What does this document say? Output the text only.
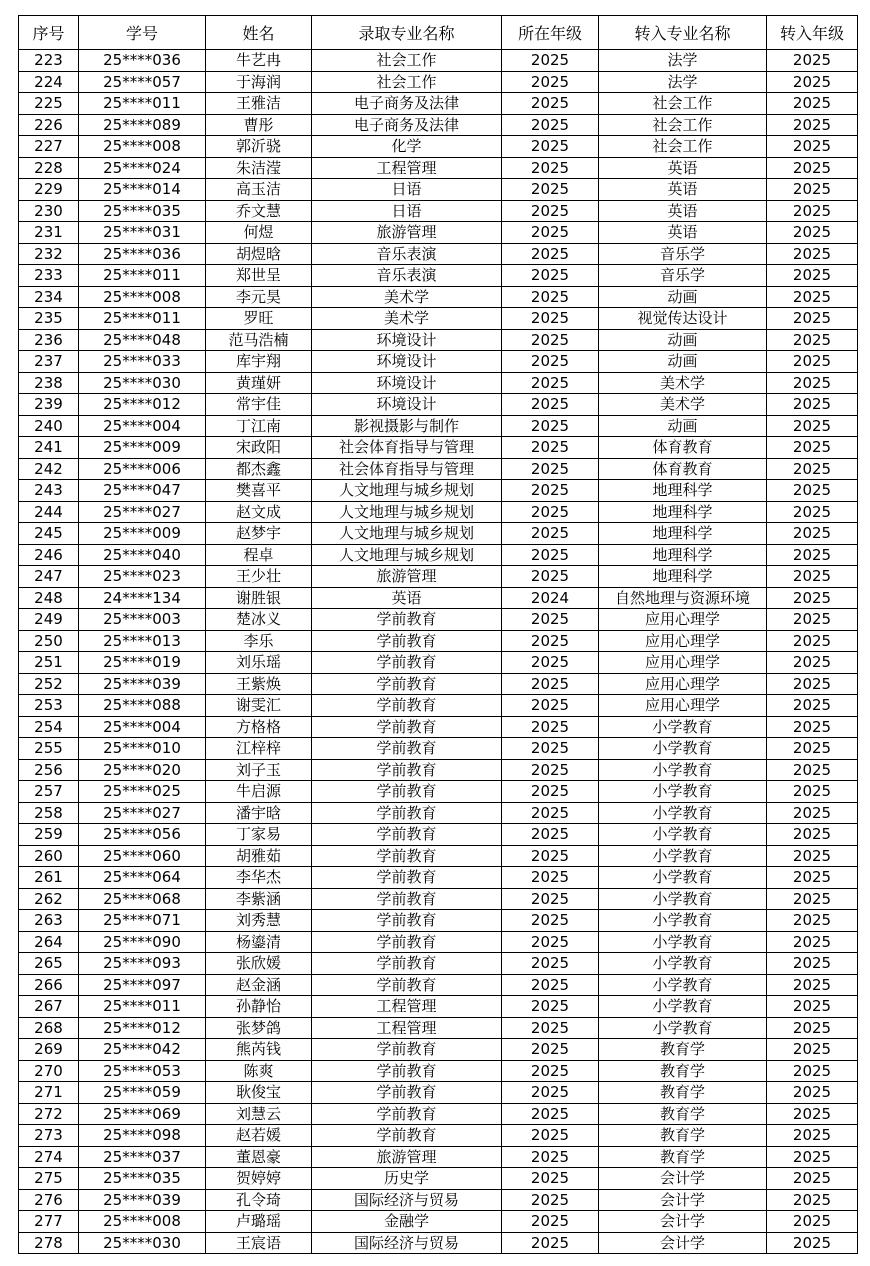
序号	学号	姓名	录取专业名称	所在年级	转入专业名称	转入年级
223	25****036	牛艺冉	社会工作	2025	法学	2025
224	25****057	于海润	社会工作	2025	法学	2025
225	25****011	王雅洁	电子商务及法律	2025	社会工作	2025
226	25****089	曹彤	电子商务及法律	2025	社会工作	2025
227	25****008	郭沂骁	化学	2025	社会工作	2025
228	25****024	朱洁滢	工程管理	2025	英语	2025
229	25****014	高玉洁	日语	2025	英语	2025
230	25****035	乔文慧	日语	2025	英语	2025
231	25****031	何煜	旅游管理	2025	英语	2025
232	25****036	胡煜晗	音乐表演	2025	音乐学	2025
233	25****011	郑世呈	音乐表演	2025	音乐学	2025
234	25****008	李元昊	美术学	2025	动画	2025
235	25****011	罗旺	美术学	2025	视觉传达设计	2025
236	25****048	范马浩楠	环境设计	2025	动画	2025
237	25****033	库宇翔	环境设计	2025	动画	2025
238	25****030	黄瑾妍	环境设计	2025	美术学	2025
239	25****012	常宇佳	环境设计	2025	美术学	2025
240	25****004	丁江南	影视摄影与制作	2025	动画	2025
241	25****009	宋政阳	社会体育指导与管理	2025	体育教育	2025
242	25****006	都杰鑫	社会体育指导与管理	2025	体育教育	2025
243	25****047	樊喜平	人文地理与城乡规划	2025	地理科学	2025
244	25****027	赵文成	人文地理与城乡规划	2025	地理科学	2025
245	25****009	赵梦宇	人文地理与城乡规划	2025	地理科学	2025
246	25****040	程卓	人文地理与城乡规划	2025	地理科学	2025
247	25****023	王少壮	旅游管理	2025	地理科学	2025
248	24****134	谢胜银	英语	2024	自然地理与资源环境	2025
249	25****003	楚冰义	学前教育	2025	应用心理学	2025
250	25****013	李乐	学前教育	2025	应用心理学	2025
251	25****019	刘乐瑶	学前教育	2025	应用心理学	2025
252	25****039	王紫焕	学前教育	2025	应用心理学	2025
253	25****088	谢雯汇	学前教育	2025	应用心理学	2025
254	25****004	方格格	学前教育	2025	小学教育	2025
255	25****010	江梓梓	学前教育	2025	小学教育	2025
256	25****020	刘子玉	学前教育	2025	小学教育	2025
257	25****025	牛启源	学前教育	2025	小学教育	2025
258	25****027	潘宇晗	学前教育	2025	小学教育	2025
259	25****056	丁家易	学前教育	2025	小学教育	2025
260	25****060	胡雅茹	学前教育	2025	小学教育	2025
261	25****064	李华杰	学前教育	2025	小学教育	2025
262	25****068	李紫涵	学前教育	2025	小学教育	2025
263	25****071	刘秀慧	学前教育	2025	小学教育	2025
264	25****090	杨鎏清	学前教育	2025	小学教育	2025
265	25****093	张欣媛	学前教育	2025	小学教育	2025
266	25****097	赵金涵	学前教育	2025	小学教育	2025
267	25****011	孙静怡	工程管理	2025	小学教育	2025
268	25****012	张梦鸽	工程管理	2025	小学教育	2025
269	25****042	熊芮钱	学前教育	2025	教育学	2025
270	25****053	陈爽	学前教育	2025	教育学	2025
271	25****059	耿俊宝	学前教育	2025	教育学	2025
272	25****069	刘慧云	学前教育	2025	教育学	2025
273	25****098	赵若媛	学前教育	2025	教育学	2025
274	25****037	董恩豪	旅游管理	2025	教育学	2025
275	25****035	贺婷婷	历史学	2025	会计学	2025
276	25****039	孔令琦	国际经济与贸易	2025	会计学	2025
277	25****008	卢璐瑶	金融学	2025	会计学	2025
278	25****030	王宸语	国际经济与贸易	2025	会计学	2025
